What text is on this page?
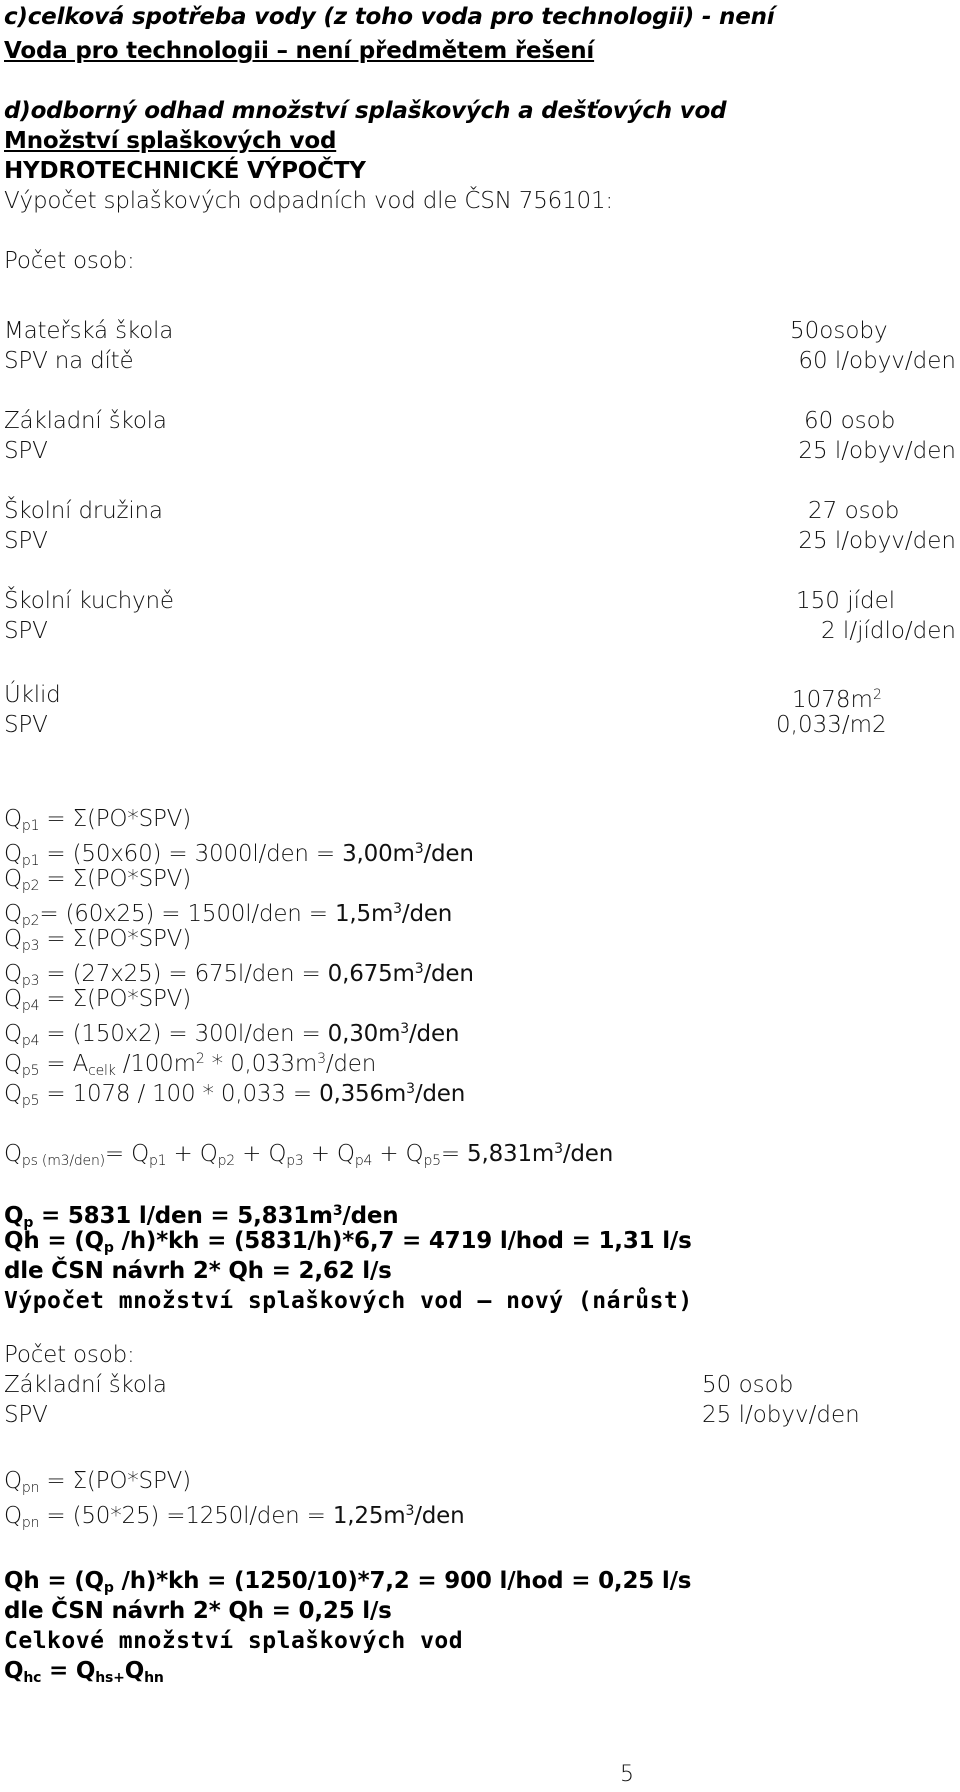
c)celková spotřeba vody (z toho voda pro technologii) - není
Voda pro technologii – není předmětem řešení
d)odborný odhad množství splaškových a dešťových vod
Množství splaškových vod
HYDROTECHNICKÉ VÝPOČTY
Výpočet splaškových odpadních vod dle ČSN 756101:
Počet osob:
Mateřská škola
SPV na dítě
50osoby
60 l/obyv/den
Základní škola
SPV
60 osob
25 l/obyv/den
Školní družina
SPV
27 osob
25 l/obyv/den
Školní kuchyně
SPV
150 jídel
2 l/jídlo/den
Úklid
SPV
$1078m^2$
0,033/m2
$Q_{p1} = \Sigma(PO*SPV)$
$Q_{p1} = (50x60) = 3000l/den = 3,00m^3/den$
$Q_{p2} = \Sigma(PO*SPV)$
$Q_{p2}= (60x25) = 1500l/den = 1,5m^3/den$
$Q_{p3} = \Sigma(PO*SPV)$
$Q_{p3} = (27x25) = 675l/den = 0,675m^3/den$
$Q_{p4} = \Sigma(PO*SPV)$
$Q_{p4} = (150x2) = 300l/den = 0,30m^3/den$
$Q_{p5} = A_{celk}$ $/100m^2 * 0,033m^3/den$
$Q_{p5} = 1078 / 100 * 0,033 = 0,356m^3/den$
$Q_{ps (m3/den)}= Q_{p1} + Q_{p2} + Q_{p3} + Q_{p4} + Q_{p5}= 5,831m^3/den$
$Q_p = 5831$ $l/den = 5,831m^3$/den
$Qh = (Q_p$ /h)*kh = (5831/h)*6,7 = 4719 l/hod = 1,31 l/s
dle ČSN návrh 2* Qh = 2,62 l/s
Výpočet množství splaškových vod – nový (nárůst)
Počet osob:
Základní škola
SPV
50 osob
25 l/obyv/den
$Q_{pn} = \Sigma(PO*SPV)$
$Q_{pn} = (50*25) =1250l/den = 1,25m^3/den$
$Qh = (Q_p$ /h)*kh = (1250/10)*7,2 = 900 l/hod = 0,25 l/s
dle ČSN návrh 2* Qh = 0,25 l/s
Celkové množství splaškových vod
$Q_{hc} = Q_{hs+}Q_{hn}$
5
